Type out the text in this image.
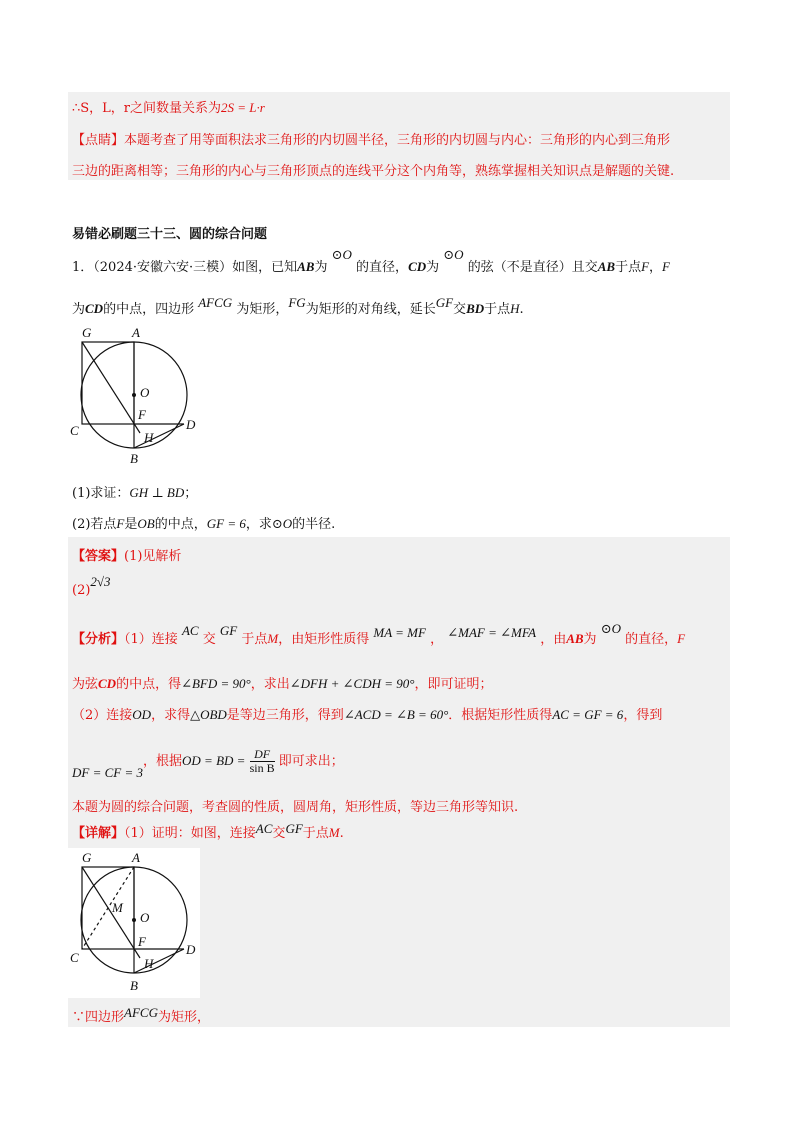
∴S，L，r之间数量关系为2S = L·r
【点睛】本题考查了用等面积法求三角形的内切圆半径，三角形的内切圆与内心：三角形的内心到三角形
三边的距离相等；三角形的内心与三角形顶点的连线平分这个内角等，熟练掌握相关知识点是解题的关键.
易错必刷题三十三、圆的综合问题
1．（2024·安徽六安·三模）如图，已知AB为 ⊙O 的直径，CD为 ⊙O 的弦（不是直径）且交AB于点F，F
为CD的中点，四边形 AFCG 为矩形，FG为矩形的对角线，延长GF交BD于点H.
G	A
O
F
C	D
H
B
(1)求证：GH ⊥ BD；
(2)若点F是OB的中点，GF = 6，求⊙O的半径.
【答案】(1)见解析
(2)2√3
【分析】（1）连接 AC 交 GF 于点M，由矩形性质得 MA = MF ， ∠MAF = ∠MFA ，由AB为 ⊙O 的直径，F
为弦CD的中点，得∠BFD = 90°，求出∠DFH + ∠CDH = 90°，即可证明；
（2）连接OD，求得△OBD是等边三角形，得到∠ACD = ∠B = 60°．根据矩形性质得AC = GF = 6，得到
DF = CF = 3，根据OD = BD = $\frac{DF}{\text{sin B}}$ 即可求出；
本题为圆的综合问题，考查圆的性质，圆周角，矩形性质，等边三角形等知识.
【详解】（1）证明：如图，连接AC交GF于点M.
G	A
M
O
F
C
D
H
B
∵四边形AFCG为矩形，
